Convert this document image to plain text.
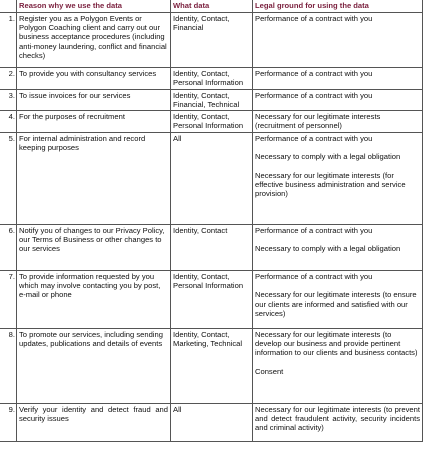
	Reason why we use the data	What data	Legal ground for using the data
1.	Register you as a Polygon Events or Polygon Coaching client and carry out our business acceptance procedures (including anti-money laundering, conflict and financial checks)	Identity, Contact, Financial	Performance of a contract with you

2.	To provide you with consultancy services	Identity, Contact, Personal Information	Performance of a contract with you

3.	To issue invoices for our services	Identity, Contact, Financial, Technical	Performance of a contract with you

4.	For the purposes of recruitment	Identity, Contact, Personal Information	Necessary for our legitimate interests (recruitment of personnel)

5.	For internal administration and record keeping purposes	All	Performance of a contract with you
Necessary to comply with a legal obligation
Necessary for our legitimate interests (for effective business administration and service provision)

6.	Notify you of changes to our Privacy Policy, our Terms of Business or other changes to our services	Identity, Contact	Performance of a contract with you
Necessary to comply with a legal obligation

7.	To provide information requested by you which may involve contacting you by post, e-mail or phone	Identity, Contact, Personal Information	Performance of a contract with you
Necessary for our legitimate interests (to ensure our clients are informed and satisfied with our services)

8.	To promote our services, including sending updates, publications and details of events	Identity, Contact, Marketing, Technical	Necessary for our legitimate interests (to develop our business and provide pertinent information to our clients and business contacts)
Consent

9.	Verify your identity and detect fraud and security issues	All	Necessary for our legitimate interests (to prevent and detect fraudulent activity, security incidents and criminal activity)
